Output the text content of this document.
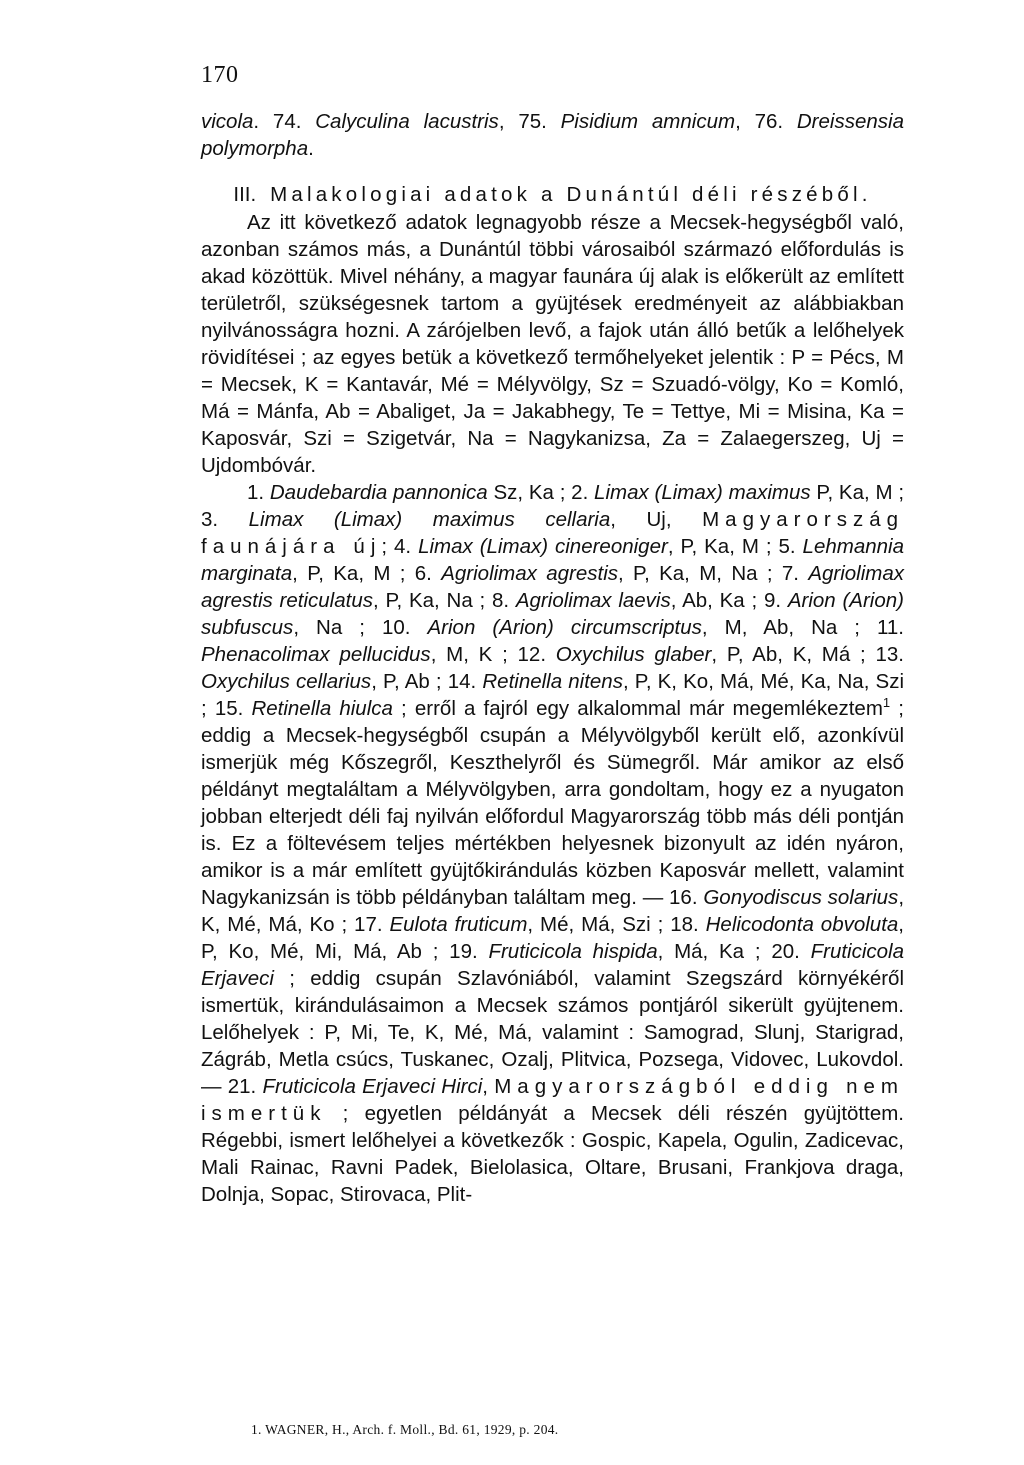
170

vicola. 74. Calyculina lacustris, 75. Pisidium amnicum, 76. Dreissensia polymorpha.

III. Malakologiai adatok a Dunántúl déli részéből.

Az itt következő adatok legnagyobb része a Mecsek-hegységből való, azonban számos más, a Dunántúl többi városaiból származó előfordulás is akad közöttük. Mivel néhány, a magyar faunára új alak is előkerült az említett területről, szükségesnek tartom a gyüjtések eredményeit az alábbiakban nyilvánosságra hozni. A zárójelben levő, a fajok után álló betűk a lelőhelyek rövidítései ; az egyes betük a következő termőhelyeket jelentik : P = Pécs, M = Mecsek, K = Kantavár, Mé = Mélyvölgy, Sz = Szuadó-völgy, Ko = Komló, Má = Mánfa, Ab = Abaliget, Ja = Jakabhegy, Te = Tettye, Mi = Misina, Ka = Kaposvár, Szi = Szigetvár, Na = Nagykanizsa, Za = Zalaegerszeg, Uj = Ujdombóvár.

1. Daudebardia pannonica Sz, Ka ; 2. Limax (Limax) maximus P, Ka, M ; 3. Limax (Limax) maximus cellaria, Uj, Magyarország faunájára új; 4. Limax (Limax) cinereoniger, P, Ka, M ; 5. Lehmannia marginata, P, Ka, M ; 6. Agriolimax agrestis, P, Ka, M, Na ; 7. Agriolimax agrestis reticulatus, P, Ka, Na ; 8. Agriolimax laevis, Ab, Ka ; 9. Arion (Arion) subfuscus, Na ; 10. Arion (Arion) circumscriptus, M, Ab, Na ; 11. Phenacolimax pellucidus, M, K ; 12. Oxychilus glaber, P, Ab, K, Má ; 13. Oxychilus cellarius, P, Ab ; 14. Retinella nitens, P, K, Ko, Má, Mé, Ka, Na, Szi ; 15. Retinella hiulca ; erről a fajról egy alkalommal már megemlékeztem$^1$ ; eddig a Mecsek-hegységből csupán a Mélyvölgyből került elő, azonkívül ismerjük még Kőszegről, Keszthelyről és Sümegről. Már amikor az első példányt megtaláltam a Mélyvölgyben, arra gondoltam, hogy ez a nyugaton jobban elterjedt déli faj nyilván előfordul Magyarország több más déli pontján is. Ez a föltevésem teljes mértékben helyesnek bizonyult az idén nyáron, amikor is a már említett gyüjtőkirándulás közben Kaposvár mellett, valamint Nagykanizsán is több példányban találtam meg. — 16. Gonyodiscus solarius, K, Mé, Má, Ko ; 17. Eulota fruticum, Mé, Má, Szi ; 18. Helicodonta obvoluta, P, Ko, Mé, Mi, Má, Ab ; 19. Fruticicola hispida, Má, Ka ; 20. Fruticicola Erjaveci ; eddig csupán Szlavóniából, valamint Szegszárd környékéről ismertük, kirándulásaimon a Mecsek számos pontjáról sikerült gyüjtenem. Lelőhelyek : P, Mi, Te, K, Mé, Má, valamint : Samograd, Slunj, Starigrad, Zágráb, Metla csúcs, Tuskanec, Ozalj, Plitvica, Pozsega, Vidovec, Lukovdol. — 21. Fruticicola Erjaveci Hirci, Magyarországból eddig nem ismertük ; egyetlen példányát a Mecsek déli részén gyüjtöttem. Régebbi, ismert lelőhelyei a következők : Gospic, Kapela, Ogulin, Zadicevac, Mali Rainac, Ravni Padek, Bielolasica, Oltare, Brusani, Frankjova draga, Dolnja, Sopac, Stirovaca, Plit-

1. WAGNER, H., Arch. f. Moll., Bd. 61, 1929, p. 204.
